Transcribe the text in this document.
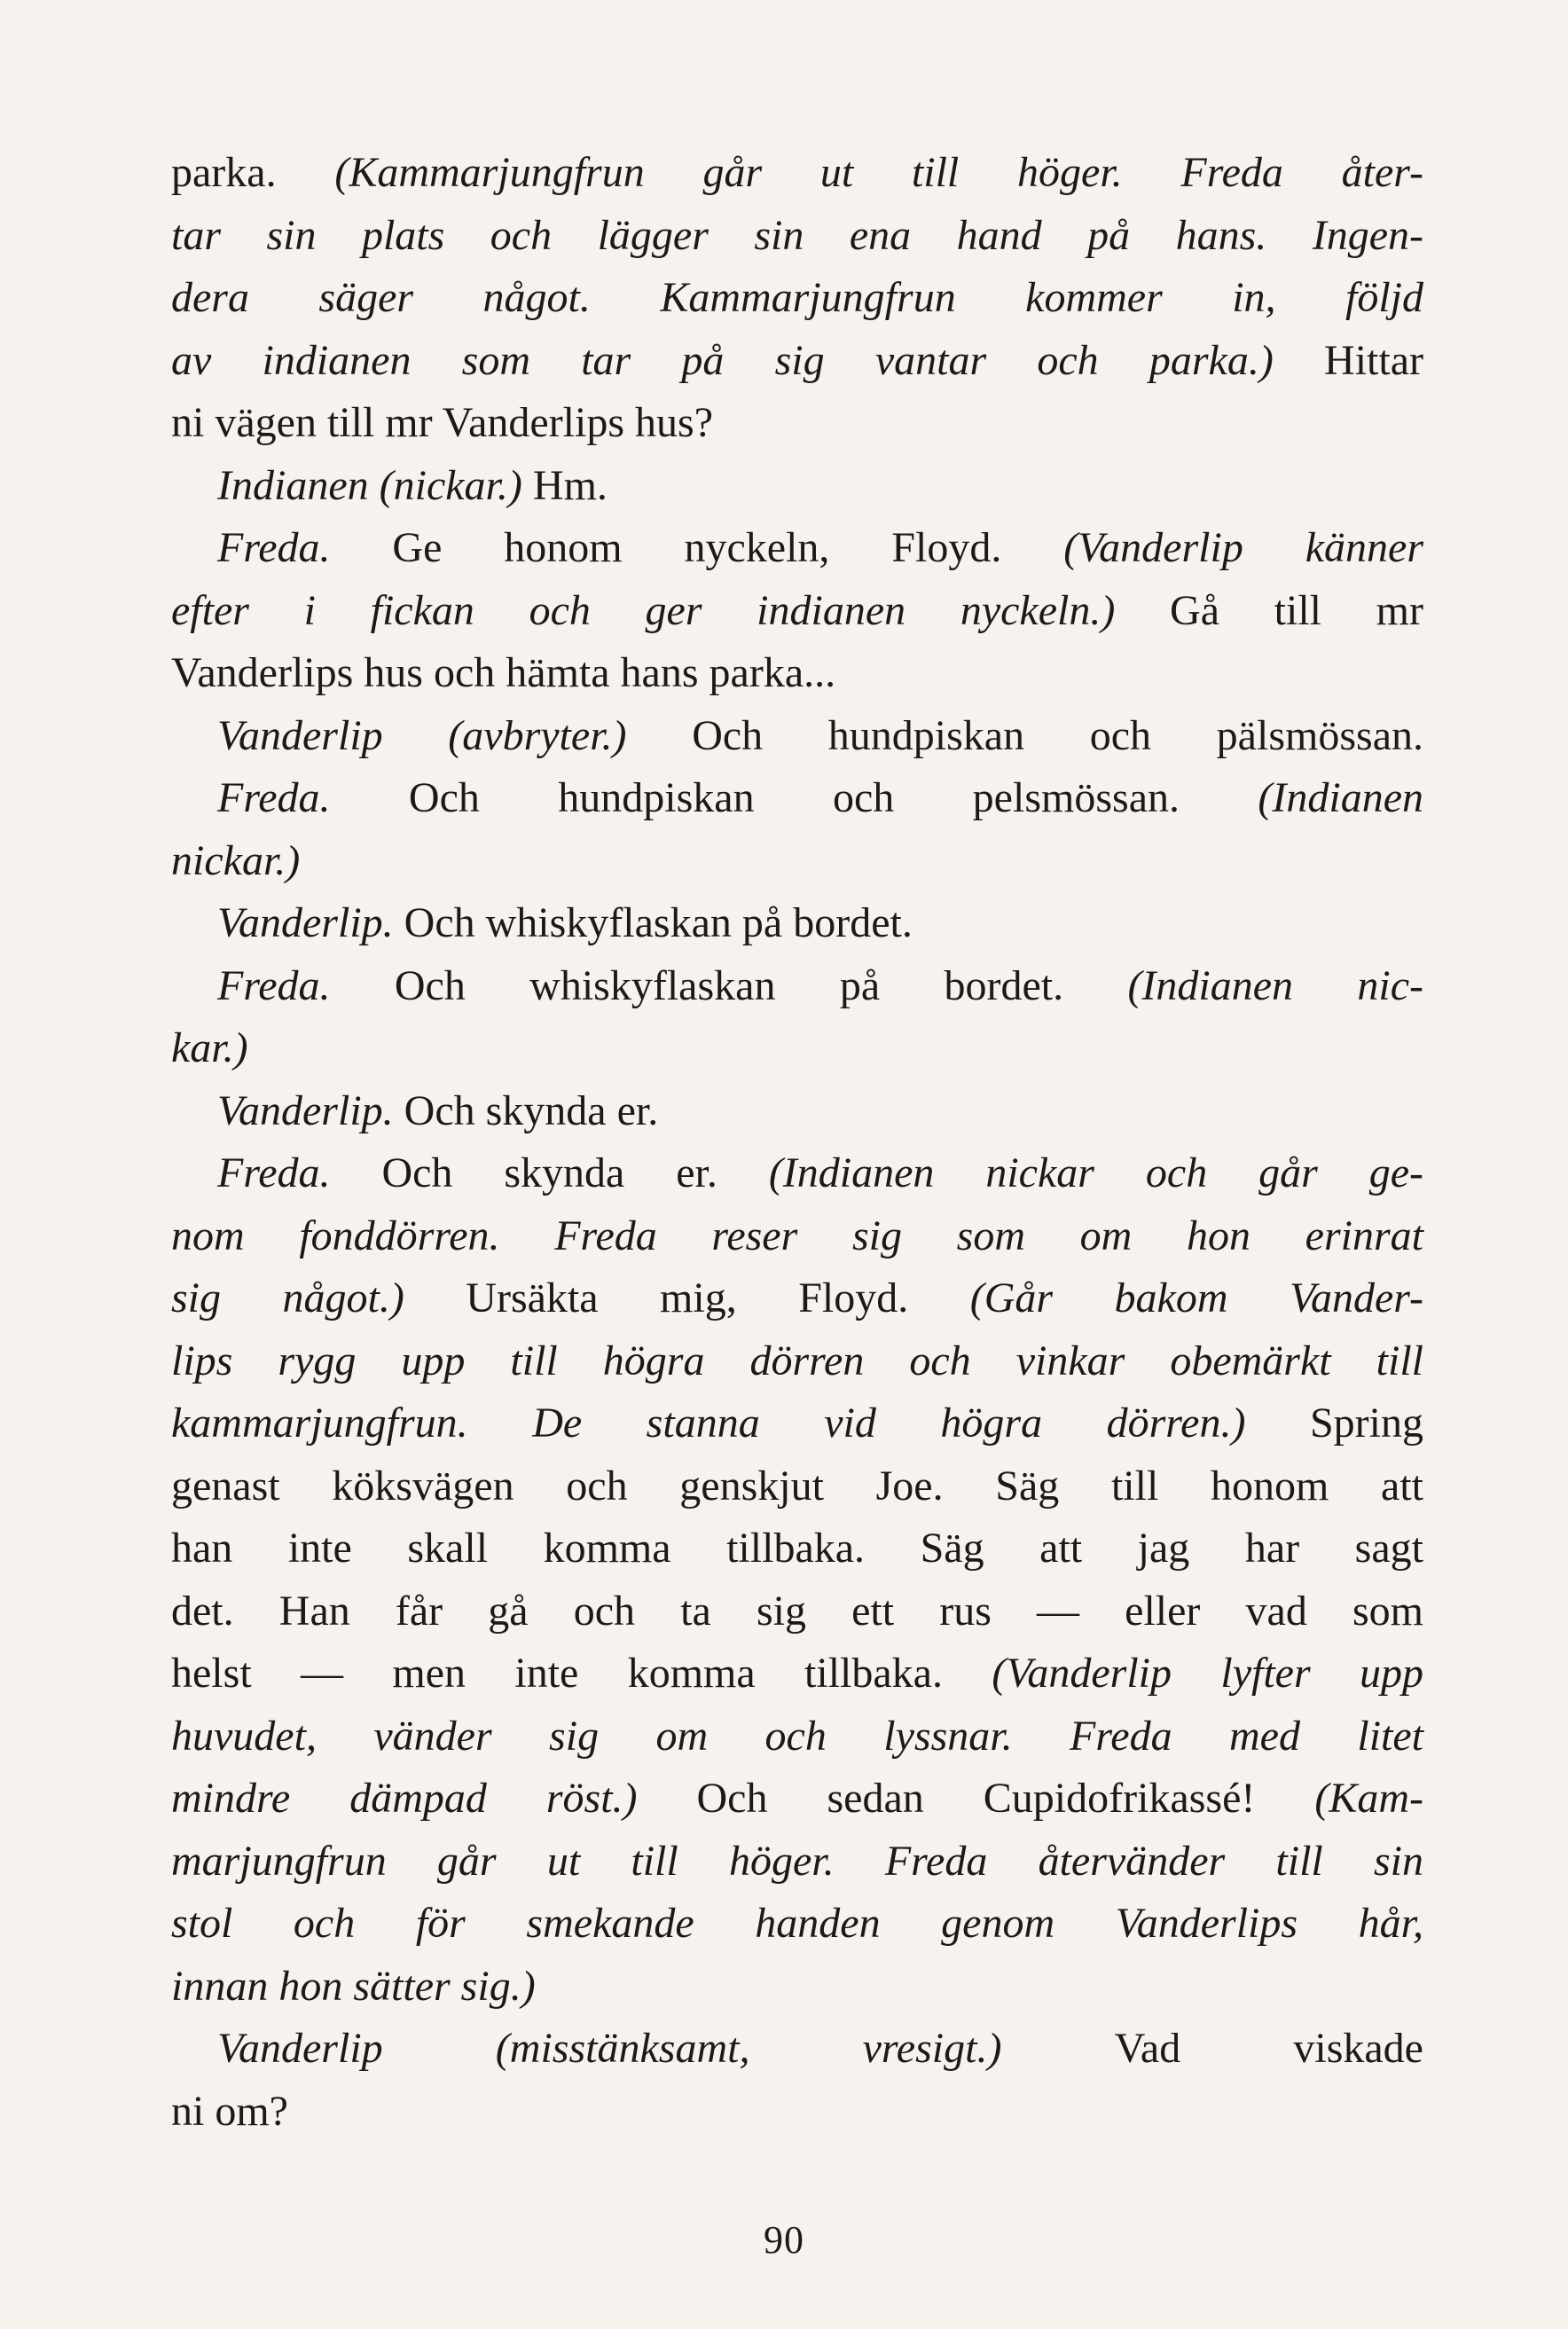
parka. (Kammarjungfrun går ut till höger. Freda åter-
tar sin plats och lägger sin ena hand på hans. Ingen-
dera säger något. Kammarjungfrun kommer in, följd
av indianen som tar på sig vantar och parka.) Hittar
ni vägen till mr Vanderlips hus?
Indianen (nickar.) Hm.
Freda. Ge honom nyckeln, Floyd. (Vanderlip känner
efter i fickan och ger indianen nyckeln.) Gå till mr
Vanderlips hus och hämta hans parka...
Vanderlip (avbryter.) Och hundpiskan och pälsmössan.
Freda. Och hundpiskan och pelsmössan. (Indianen
nickar.)
Vanderlip. Och whiskyflaskan på bordet.
Freda. Och whiskyflaskan på bordet. (Indianen nic-
kar.)
Vanderlip. Och skynda er.
Freda. Och skynda er. (Indianen nickar och går ge-
nom fonddörren. Freda reser sig som om hon erinrat
sig något.) Ursäkta mig, Floyd. (Går bakom Vander-
lips rygg upp till högra dörren och vinkar obemärkt till
kammarjungfrun. De stanna vid högra dörren.) Spring
genast köksvägen och genskjut Joe. Säg till honom att
han inte skall komma tillbaka. Säg att jag har sagt
det. Han får gå och ta sig ett rus — eller vad som
helst — men inte komma tillbaka. (Vanderlip lyfter upp
huvudet, vänder sig om och lyssnar. Freda med litet
mindre dämpad röst.) Och sedan Cupidofrikassé! (Kam-
marjungfrun går ut till höger. Freda återvänder till sin
stol och för smekande handen genom Vanderlips hår,
innan hon sätter sig.)
Vanderlip (misstänksamt, vresigt.) Vad viskade
ni om?
90
